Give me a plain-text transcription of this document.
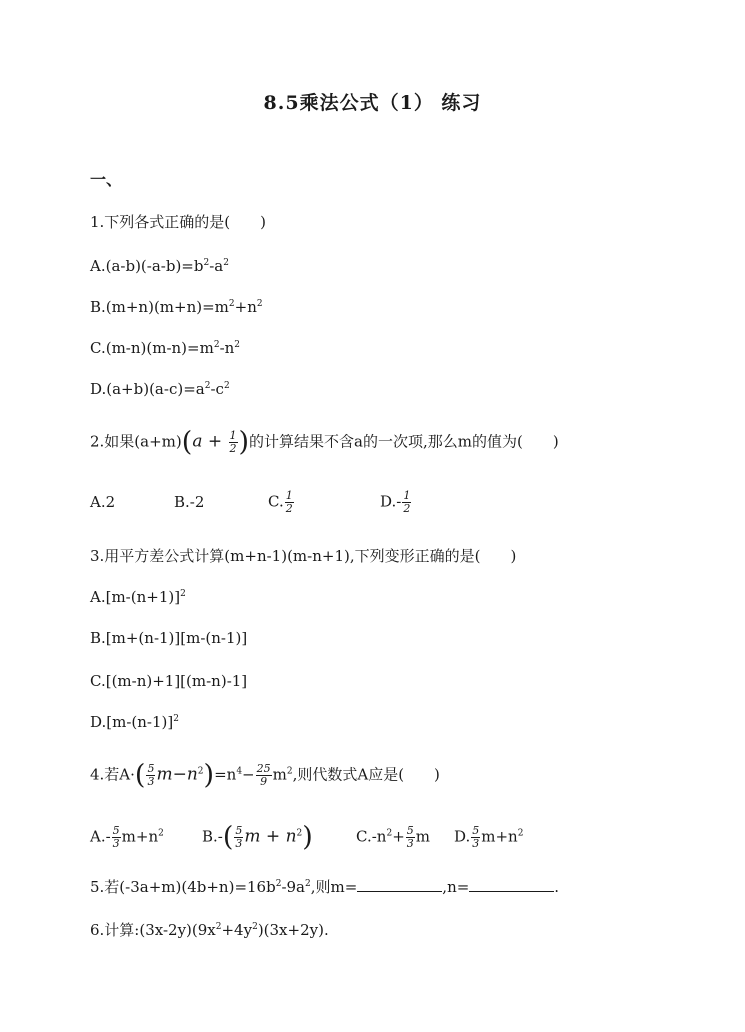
8.5乘法公式（1） 练习
一、
1.下列各式正确的是(　　)
$A.(a-b)(-a-b)=b^2-a^2$
$B.(m+n)(m+n)=m^2+n^2$
$C.(m-n)(m-n)=m^2-n^2$
$D.(a+b)(a-c)=a^2-c^2$
2.如果$(a+m)(a + \frac{1}{2}$ )的计算结果不含a的一次项,那么m的值为(　　)
A.2	B.-2	C. $\frac{1}{2}$	$D.- \frac{1}{2}$
3.用平方差公式计算(m+n-1)(m-n+1),下列变形正确的是(　　)
$A.[m-(n+1)]^2$
B.[m+(n-1)][m-(n-1)]
C.[(m-n)+1][(m-n)-1]
$D.[m-(n-1)]^2$
4.若$A\cdot( \frac{5}{3} m-n^2)=n^4- \frac{25}{9} m^2$,则代数式A应是(　　)
$A.- \frac{5}{3} m+n^2$	$B.-( \frac{5}{3}$ $m + n^2$)	$C.-n^2+ \frac{5}{3}$ m D. $\frac{5}{3} m+n^2$
5.若$(-3a+m)(4b+n)=16b^2-9a^2$,则m=	,n=	.
6.计算$:(3x-2y)(9x^2+4y^2)(3x+2y)$.
